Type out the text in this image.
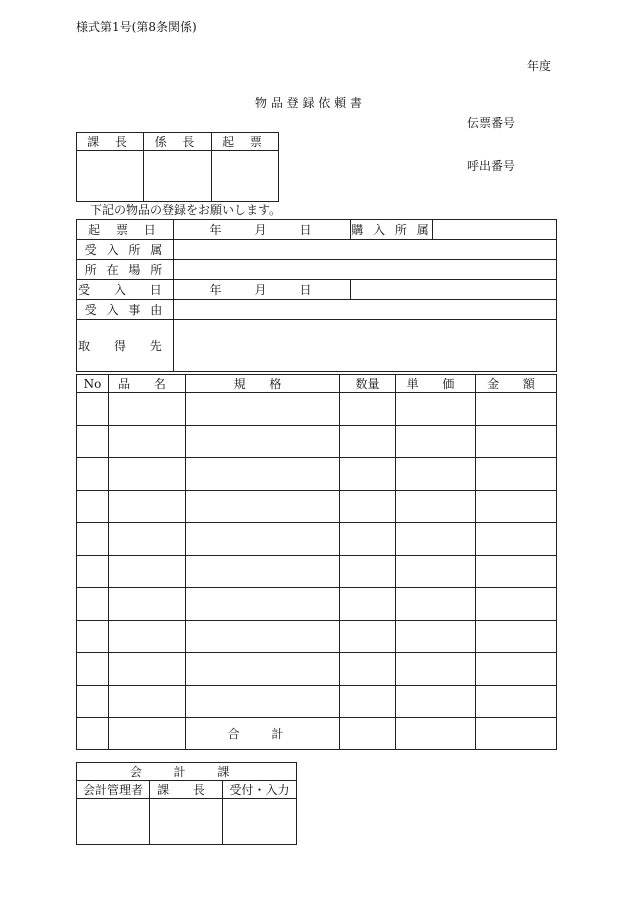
様式第1号(第8条関係)
年度
物 品 登 録 依 頼 書
伝票番号
呼出番号
課 長	係 長	起 票

下記の物品の登録をお願いします。
起 票 日	年　　月　　日	購 入 所 属	
受 入 所 属			
所 在 場 所			
受 入 日	年　　月　　日		
受 入 事 由			
取 得 先			
No	品 名	規 格	数量	単 価	金 額

		合 計			
会 計 課		
会計管理者	課 長	受付・入力
